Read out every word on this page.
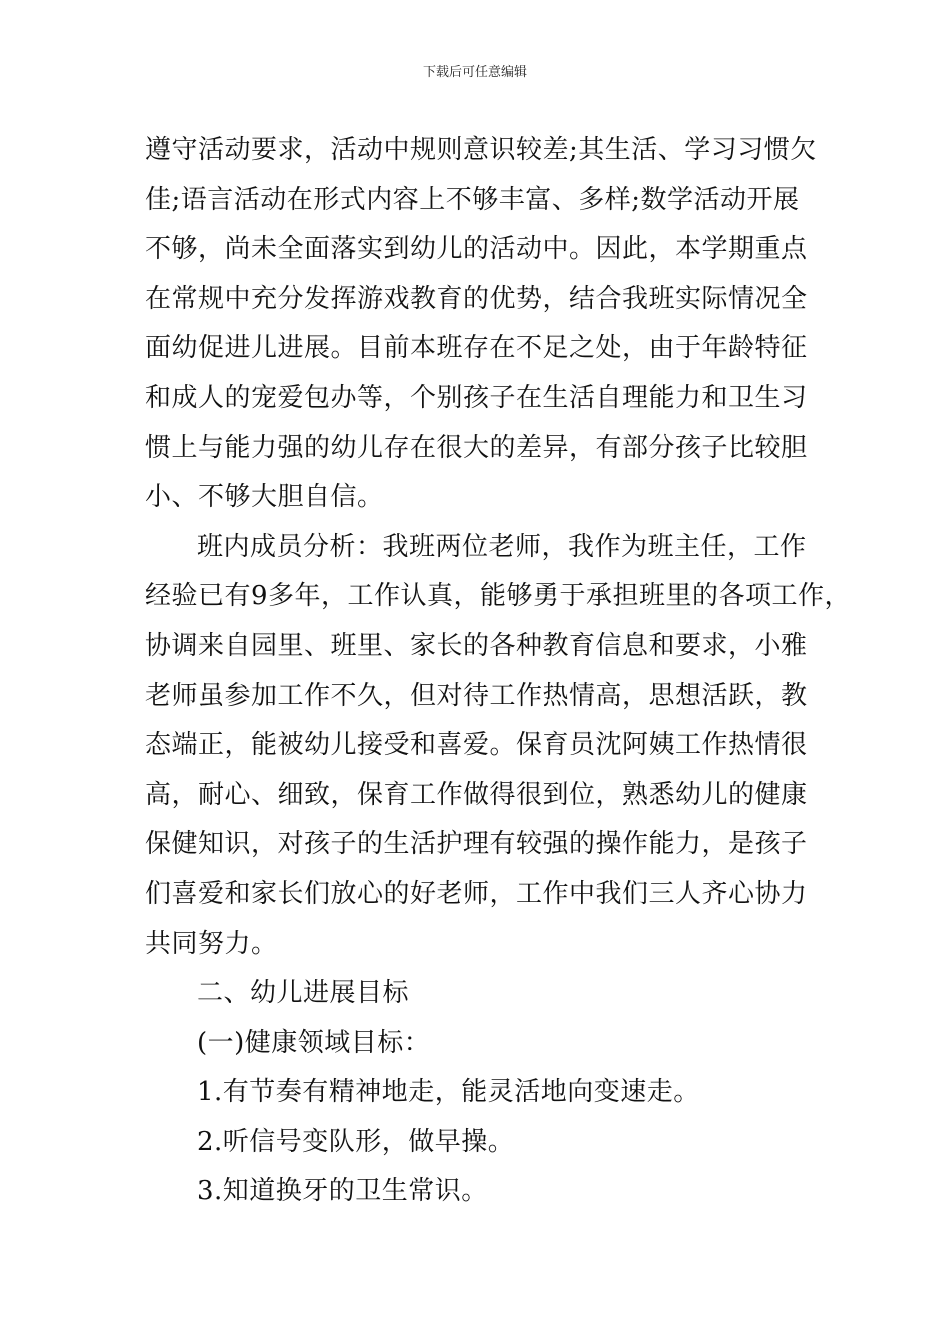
下载后可任意编辑
遵守活动要求，活动中规则意识较差;其生活、学习习惯欠
佳;语言活动在形式内容上不够丰富、多样;数学活动开展
不够，尚未全面落实到幼儿的活动中。因此，本学期重点
在常规中充分发挥游戏教育的优势，结合我班实际情况全
面幼促进儿进展。目前本班存在不足之处，由于年龄特征
和成人的宠爱包办等，个别孩子在生活自理能力和卫生习
惯上与能力强的幼儿存在很大的差异，有部分孩子比较胆
小、不够大胆自信。
班内成员分析：我班两位老师，我作为班主任，工作
经验已有9多年，工作认真，能够勇于承担班里的各项工作，
协调来自园里、班里、家长的各种教育信息和要求，小雅
老师虽参加工作不久，但对待工作热情高，思想活跃，教
态端正，能被幼儿接受和喜爱。保育员沈阿姨工作热情很
高，耐心、细致，保育工作做得很到位，熟悉幼儿的健康
保健知识，对孩子的生活护理有较强的操作能力，是孩子
们喜爱和家长们放心的好老师，工作中我们三人齐心协力
共同努力。
二、幼儿进展目标
(一)健康领域目标：
1.有节奏有精神地走，能灵活地向变速走。
2.听信号变队形，做早操。
3.知道换牙的卫生常识。
